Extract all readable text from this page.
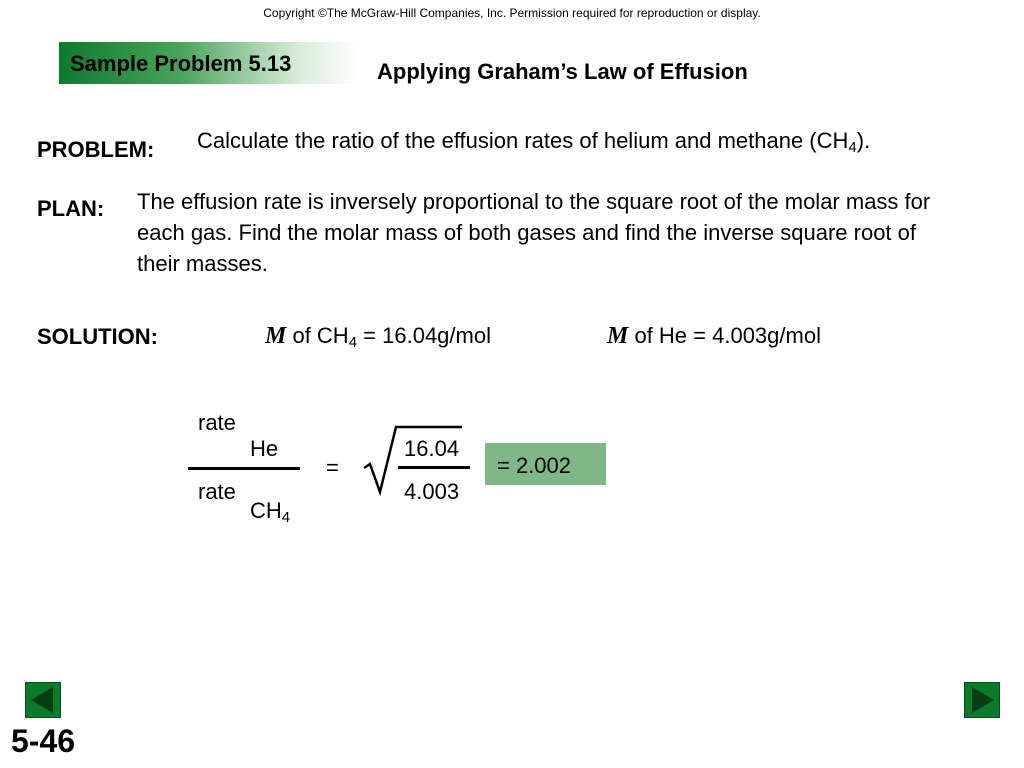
Copyright ©The McGraw-Hill Companies, Inc. Permission required for reproduction or display.
Sample Problem 5.13	Applying Graham’s Law of Effusion
PROBLEM: Calculate the ratio of the effusion rates of helium and methane $(CH_4)$.
PLAN: The effusion rate is inversely proportional to the square root of the molar mass for each gas. Find the molar mass of both gases and find the inverse square root of their masses.
SOLUTION:	M of $CH_4 = 16.04g/mol$	M of He = 4.003g/mol
rate
He
rate
$CH_4$
=
16.04
4.003
= 2.002
5-46
